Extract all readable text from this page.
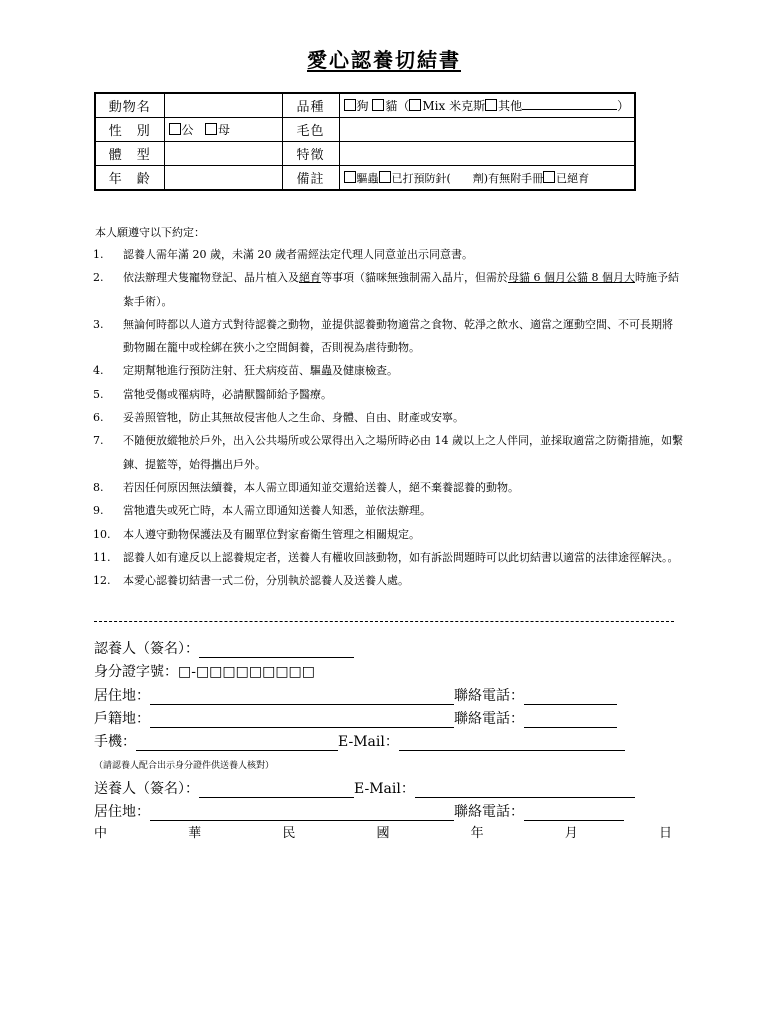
愛心認養切結書
動物名		品種	狗 貓（ Mix 米克斯 其他 ）
性　別	公 母	毛色	
體　型		特徵	
年　齡		備註	驅蟲 已打預防針(　　劑)有無附手冊 已絕育
本人願遵守以下約定：
1.	認養人需年滿 20 歲，未滿 20 歲者需經法定代理人同意並出示同意書。
2.	依法辦理犬隻寵物登記、晶片植入及絕育等事項（貓咪無強制需入晶片，但需於母貓 6 個月公貓 8 個月大時施予結紮手術）。
3.	無論何時都以人道方式對待認養之動物，並提供認養動物適當之食物、乾淨之飲水、適當之運動空間、不可長期將動物關在籠中或栓綁在狹小之空間飼養，否則視為虐待動物。
4.	定期幫牠進行預防注射、狂犬病疫苗、驅蟲及健康檢查。
5.	當牠受傷或罹病時，必請獸醫師給予醫療。
6.	妥善照管牠，防止其無故侵害他人之生命、身體、自由、財產或安寧。
7.	不隨便放縱牠於戶外，出入公共場所或公眾得出入之場所時必由 14 歲以上之人伴同，並採取適當之防衛措施，如繫鍊、提籃等，始得攜出戶外。
8.	若因任何原因無法續養，本人需立即通知並交還給送養人，絕不棄養認養的動物。
9.	當牠遺失或死亡時，本人需立即通知送養人知悉，並依法辦理。
10.	本人遵守動物保護法及有關單位對家畜衛生管理之相關規定。
11.	認養人如有違反以上認養規定者，送養人有權收回該動物，如有訴訟問題時可以此切結書以適當的法律途徑解決。。
12.	本愛心認養切結書一式二份，分別執於認養人及送養人處。
認養人（簽名）：
身分證字號：□-□□□□□□□□□
居住地：	聯絡電話：
戶籍地：	聯絡電話：
手機：	E-Mail：
（請認養人配合出示身分證件供送養人核對）
送養人（簽名）：	E-Mail：
居住地：	聯絡電話：
中	華	民	國	年	月	日
